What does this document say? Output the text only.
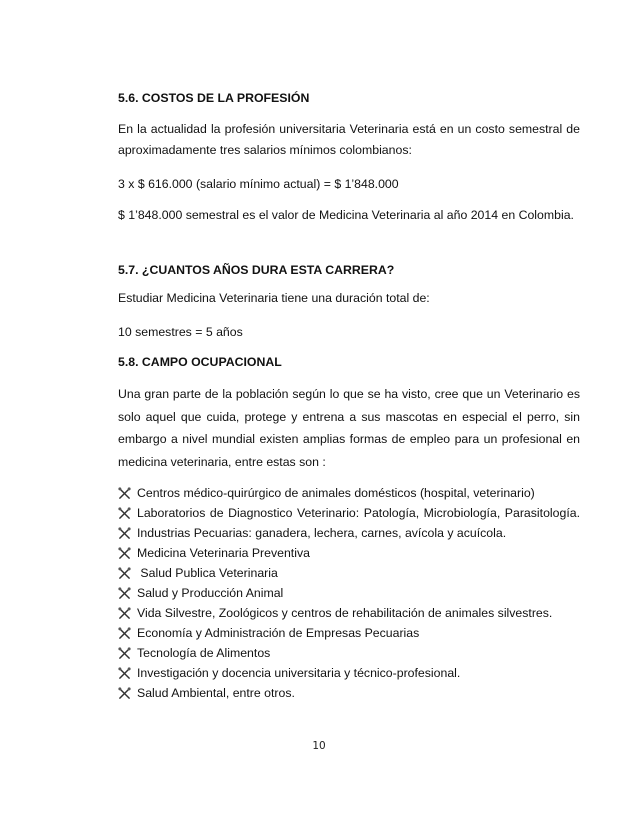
5.6. COSTOS DE LA PROFESIÓN

En la actualidad la profesión universitaria Veterinaria está en un costo semestral de aproximadamente tres salarios mínimos colombianos:

3 x $ 616.000 (salario mínimo actual) = $ 1’848.000

$ 1’848.000 semestral es el valor de Medicina Veterinaria al año 2014 en Colombia.

5.7. ¿CUANTOS AÑOS DURA ESTA CARRERA?

Estudiar Medicina Veterinaria tiene una duración total de:

10 semestres = 5 años

5.8. CAMPO OCUPACIONAL

Una gran parte de la población según lo que se ha visto, cree que un Veterinario es solo aquel que cuida, protege y entrena a sus mascotas en especial el perro, sin embargo a nivel mundial existen amplias formas de empleo para un profesional en medicina veterinaria, entre estas son :

Centros médico-quirúrgico de animales domésticos (hospital, veterinario)
Laboratorios de Diagnostico Veterinario: Patología, Microbiología, Parasitología.
Industrias Pecuarias: ganadera, lechera, carnes, avícola y acuícola.
Medicina Veterinaria Preventiva
Salud Publica Veterinaria
Salud y Producción Animal
Vida Silvestre, Zoológicos y centros de rehabilitación de animales silvestres.
Economía y Administración de Empresas Pecuarias
Tecnología de Alimentos
Investigación y docencia universitaria y técnico-profesional.
Salud Ambiental, entre otros.
10
